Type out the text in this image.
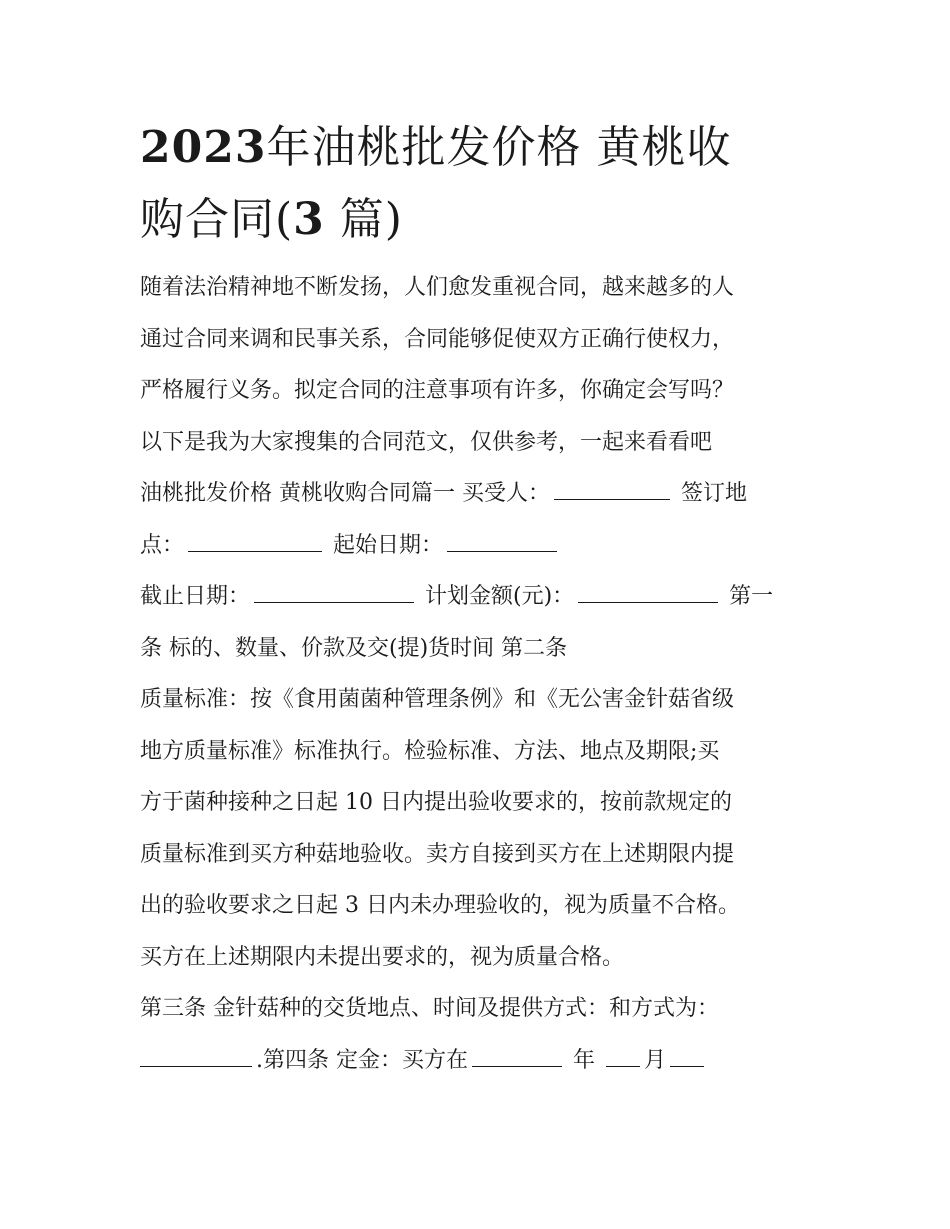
2023年油桃批发价格 黄桃收
购合同(3 篇)
随着法治精神地不断发扬，人们愈发重视合同，越来越多的人
通过合同来调和民事关系，合同能够促使双方正确行使权力，
严格履行义务。拟定合同的注意事项有许多，你确定会写吗？
以下是我为大家搜集的合同范文，仅供参考，一起来看看吧
油桃批发价格 黄桃收购合同篇一 买受人：	签订地
点：	起始日期：
截止日期：	计划金额(元)：	第一
条 标的、数量、价款及交(提)货时间 第二条
质量标准：按《食用菌菌种管理条例》和《无公害金针菇省级
地方质量标准》标准执行。检验标准、方法、地点及期限;买
方于菌种接种之日起 10 日内提出验收要求的，按前款规定的
质量标准到买方种菇地验收。卖方自接到买方在上述期限内提
出的验收要求之日起 3 日内未办理验收的，视为质量不合格。
买方在上述期限内未提出要求的，视为质量合格。
第三条 金针菇种的交货地点、时间及提供方式：和方式为：
.第四条 定金：买方在	年 月
